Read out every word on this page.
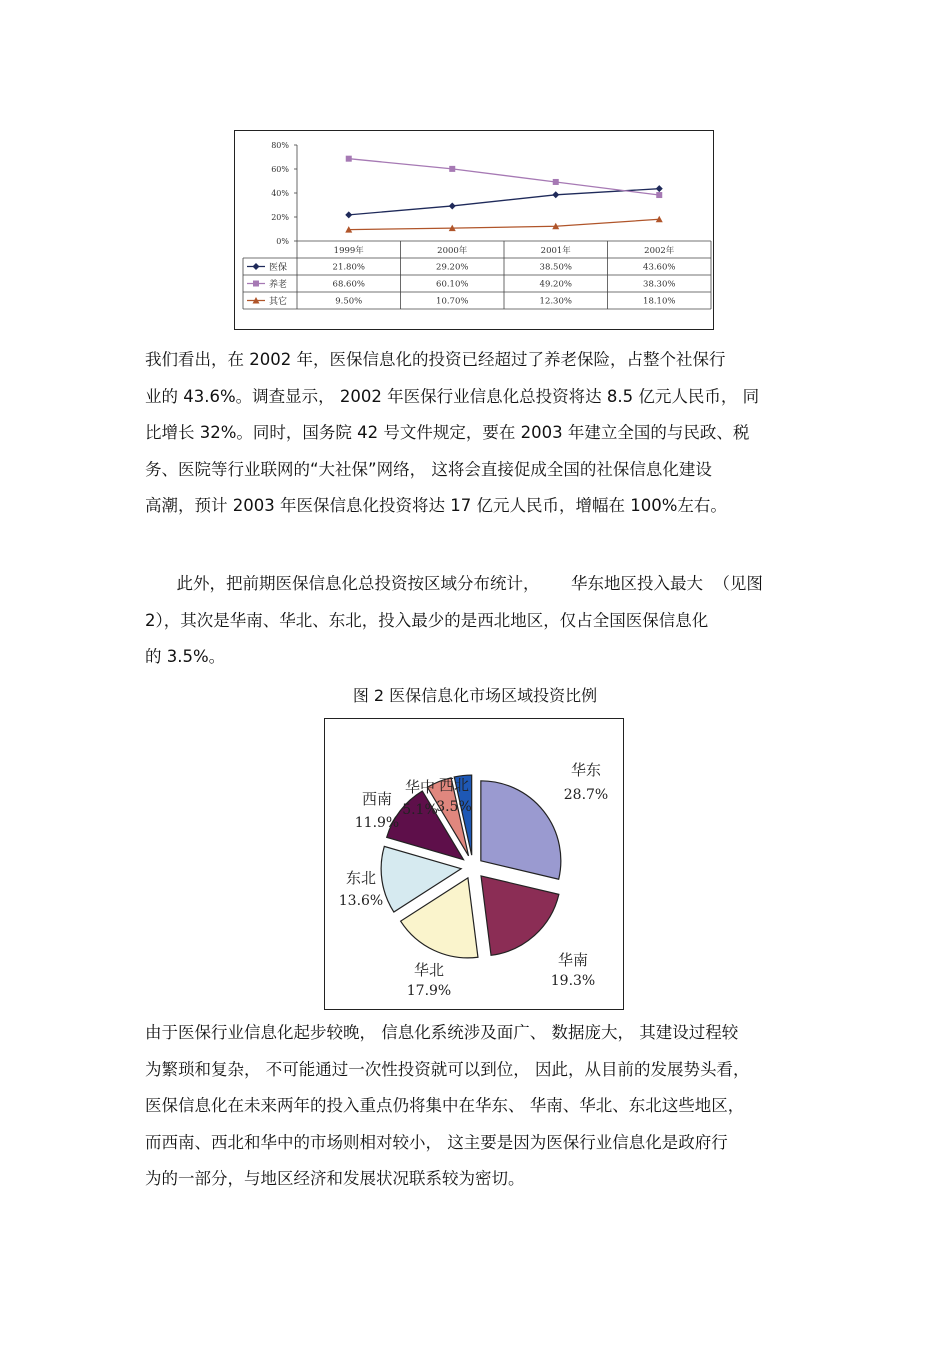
0%
20%
40%
60%
80%
1999年	2000年	2001年	2002年
医保	21.80%	29.20%	38.50%	43.60%
养老	68.60%	60.10%	49.20%	38.30%
其它	9.50%	10.70%	12.30%	18.10%

我们看出，在 2002 年，医保信息化的投资已经超过了养老保险，占整个社保行

业的 43.6%。调查显示， 2002 年医保行业信息化总投资将达 8.5 亿元人民币， 同

比增长 32%。同时，国务院 42 号文件规定，要在 2003 年建立全国的与民政、税

务、医院等行业联网的“大社保”网络， 这将会直接促成全国的社保信息化建设

高潮，预计 2003 年医保信息化投资将达 17 亿元人民币，增幅在 100%左右。

此外，把前期医保信息化总投资按区域分布统计，      华东地区投入最大  （见图

2），其次是华南、华北、东北，投入最少的是西北地区，仅占全国医保信息化

的 3.5%。

图 2 医保信息化市场区域投资比例
华东
28.7%
华南
19.3%
华北
17.9%
东北
13.6%
西南
11.9%
华中
5.1%
西北
3.5%

由于医保行业信息化起步较晚， 信息化系统涉及面广、 数据庞大， 其建设过程较

为繁琐和复杂， 不可能通过一次性投资就可以到位， 因此，从目前的发展势头看，

医保信息化在未来两年的投入重点仍将集中在华东、 华南、华北、东北这些地区，

而西南、西北和华中的市场则相对较小， 这主要是因为医保行业信息化是政府行

为的一部分，与地区经济和发展状况联系较为密切。
